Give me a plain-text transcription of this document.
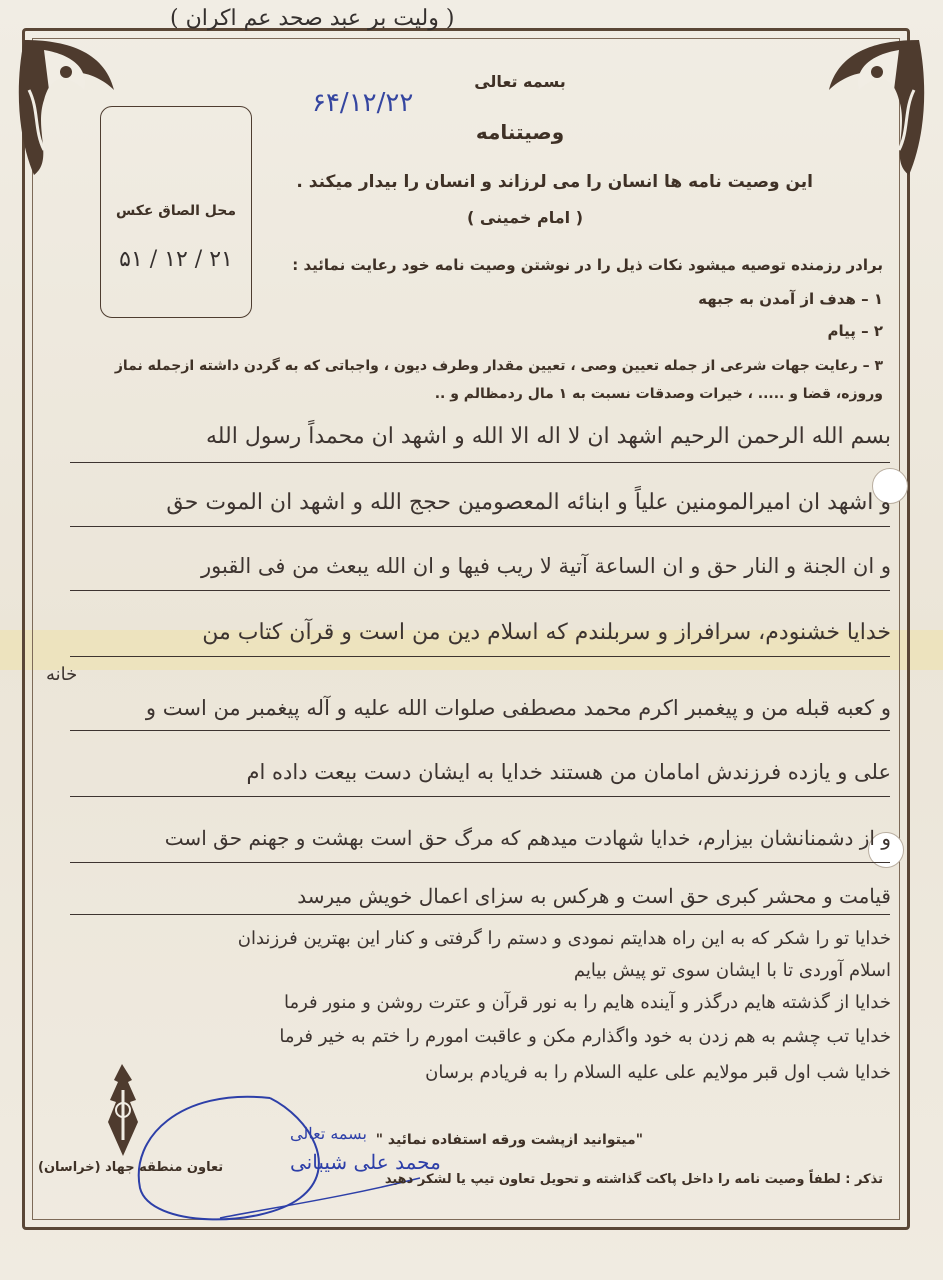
( ولیت بر عبد صحد عم اکران )
بسمه تعالی
۶۴/۱۲/۲۲
وصیتنامه
این وصیت نامه ها انسان را می لرزاند و انسان را بیدار میکند .
( امام خمینی )
محل الصاق عکس
۵۱ / ۱۲ / ۲۱	برادر رزمنده توصیه میشود نکات ذیل را در نوشتن وصیت نامه خود رعایت نمائید :
۱ – هدف از آمدن به جبهه
۲ – پیام
۳ – رعایت جهات شرعی از جمله تعیین وصی ، تعیین مقدار وطرف دیون ، واجباتی که به گردن داشته ازجمله نماز
وروزه، قضا و ..... ، خیرات وصدقات نسبت به ۱ مال ردمظالم و ..
بسم الله الرحمن الرحیم اشهد ان لا اله الا الله و اشهد ان محمداً رسول الله
و اشهد ان امیرالمومنین علیاً و ابنائه المعصومین حجج الله و اشهد ان الموت حق
و ان الجنة و النار حق و ان الساعة آتیة لا ریب فیها و ان الله یبعث من فی القبور
خدایا خشنودم، سرافراز و سربلندم که اسلام دین من است و قرآن کتاب من
خانه
و کعبه قبله من و پیغمبر اکرم محمد مصطفی صلوات الله علیه و آله پیغمبر من است و
علی و یازده فرزندش امامان من هستند خدایا به ایشان دست بیعت داده ام
و از دشمنانشان بیزارم، خدایا شهادت میدهم که مرگ حق است بهشت و جهنم حق است
قیامت و محشر کبری حق است و هرکس به سزای اعمال خویش میرسد
خدایا تو را شکر که به این راه هدایتم نمودی و دستم را گرفتی و کنار این بهترین فرزندان
اسلام آوردی تا با ایشان سوی تو پیش بیایم
خدایا از گذشته هایم درگذر و آینده هایم را به نور قرآن و عترت روشن و منور فرما
خدایا تب چشم به هم زدن به خود واگذارم مکن و عاقبت امورم را ختم به خیر فرما
خدایا شب اول قبر مولایم علی علیه السلام را به فریادم برسان
بسمه تعالی
محمد علی شیبانی
"میتوانید ازپشت ورقه استفاده نمائید "
تعاون منطقه جهاد (خراسان)
تذکر : لطفاً وصیت نامه را داخل پاکت گذاشته و تحویل تعاون تیپ یا لشکر دهید
